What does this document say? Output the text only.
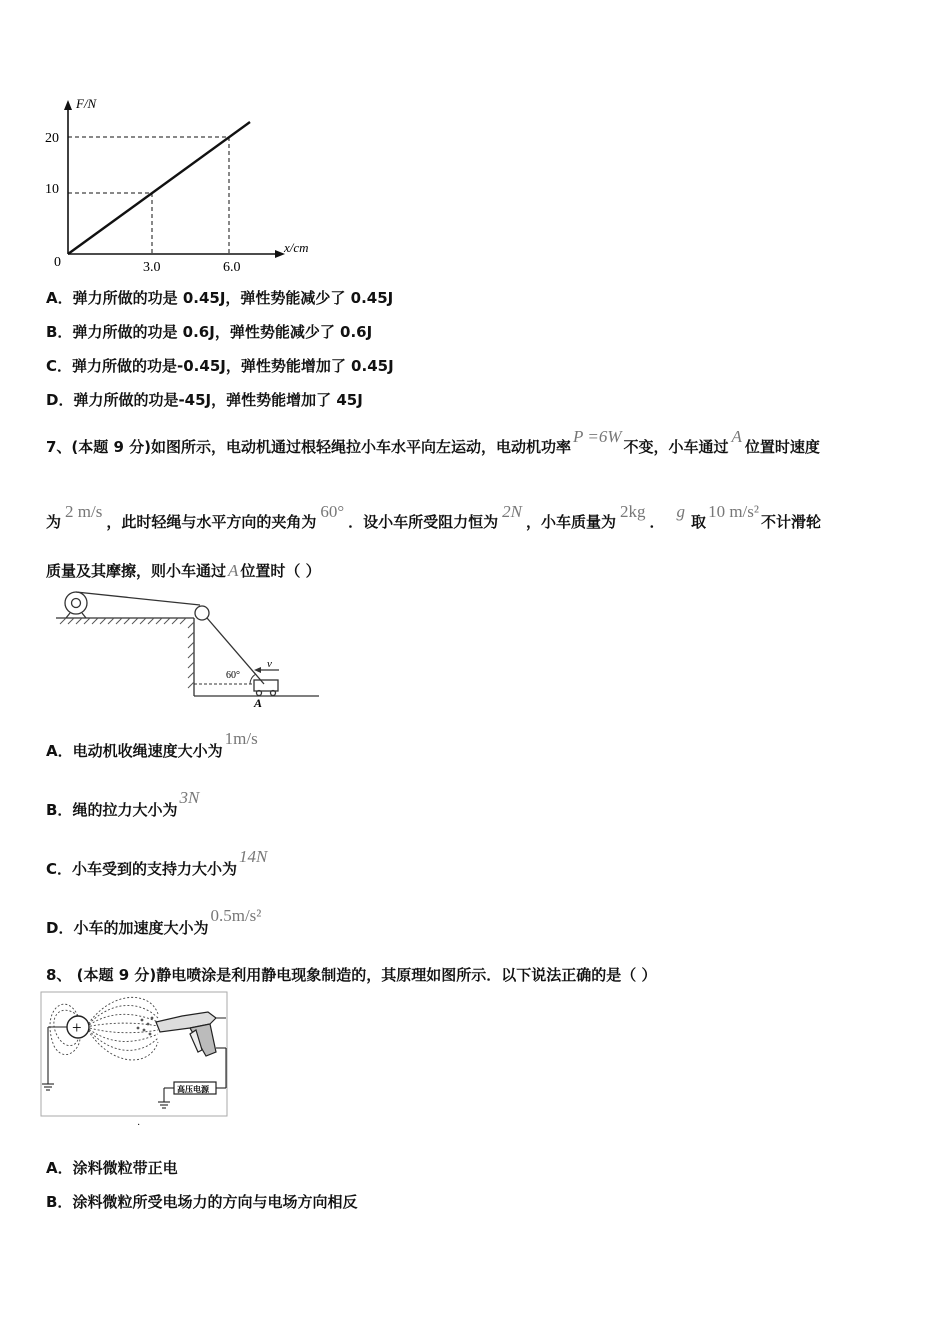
F/N
x/cm
0
10
20
3.0	6.0
A．弹力所做的功是 0.45J，弹性势能减少了 0.45J
B．弹力所做的功是 0.6J，弹性势能减少了 0.6J
C．弹力所做的功是-0.45J，弹性势能增加了 0.45J
D．弹力所做的功是-45J，弹性势能增加了 45J
7、(本题 9 分)如图所示，电动机通过根轻绳拉小车水平向左运动，电动机功率P =6W不变，小车通过A位置时速度
为2 m/s，此时轻绳与水平方向的夹角为60°．设小车所受阻力恒为2N，小车质量为2kg．g取10 m/s²不计滑轮
质量及其摩擦，则小车通过 A 位置时（ ）
60°
v
A
A．电动机收绳速度大小为1m/s
B．绳的拉力大小为3N
C．小车受到的支持力大小为14N
D．小车的加速度大小为0.5m/s²
8、 (本题 9 分)静电喷涂是利用静电现象制造的，其原理如图所示．以下说法正确的是（ ）
+
高压电源
·
A．涂料微粒带正电
B．涂料微粒所受电场力的方向与电场方向相反
